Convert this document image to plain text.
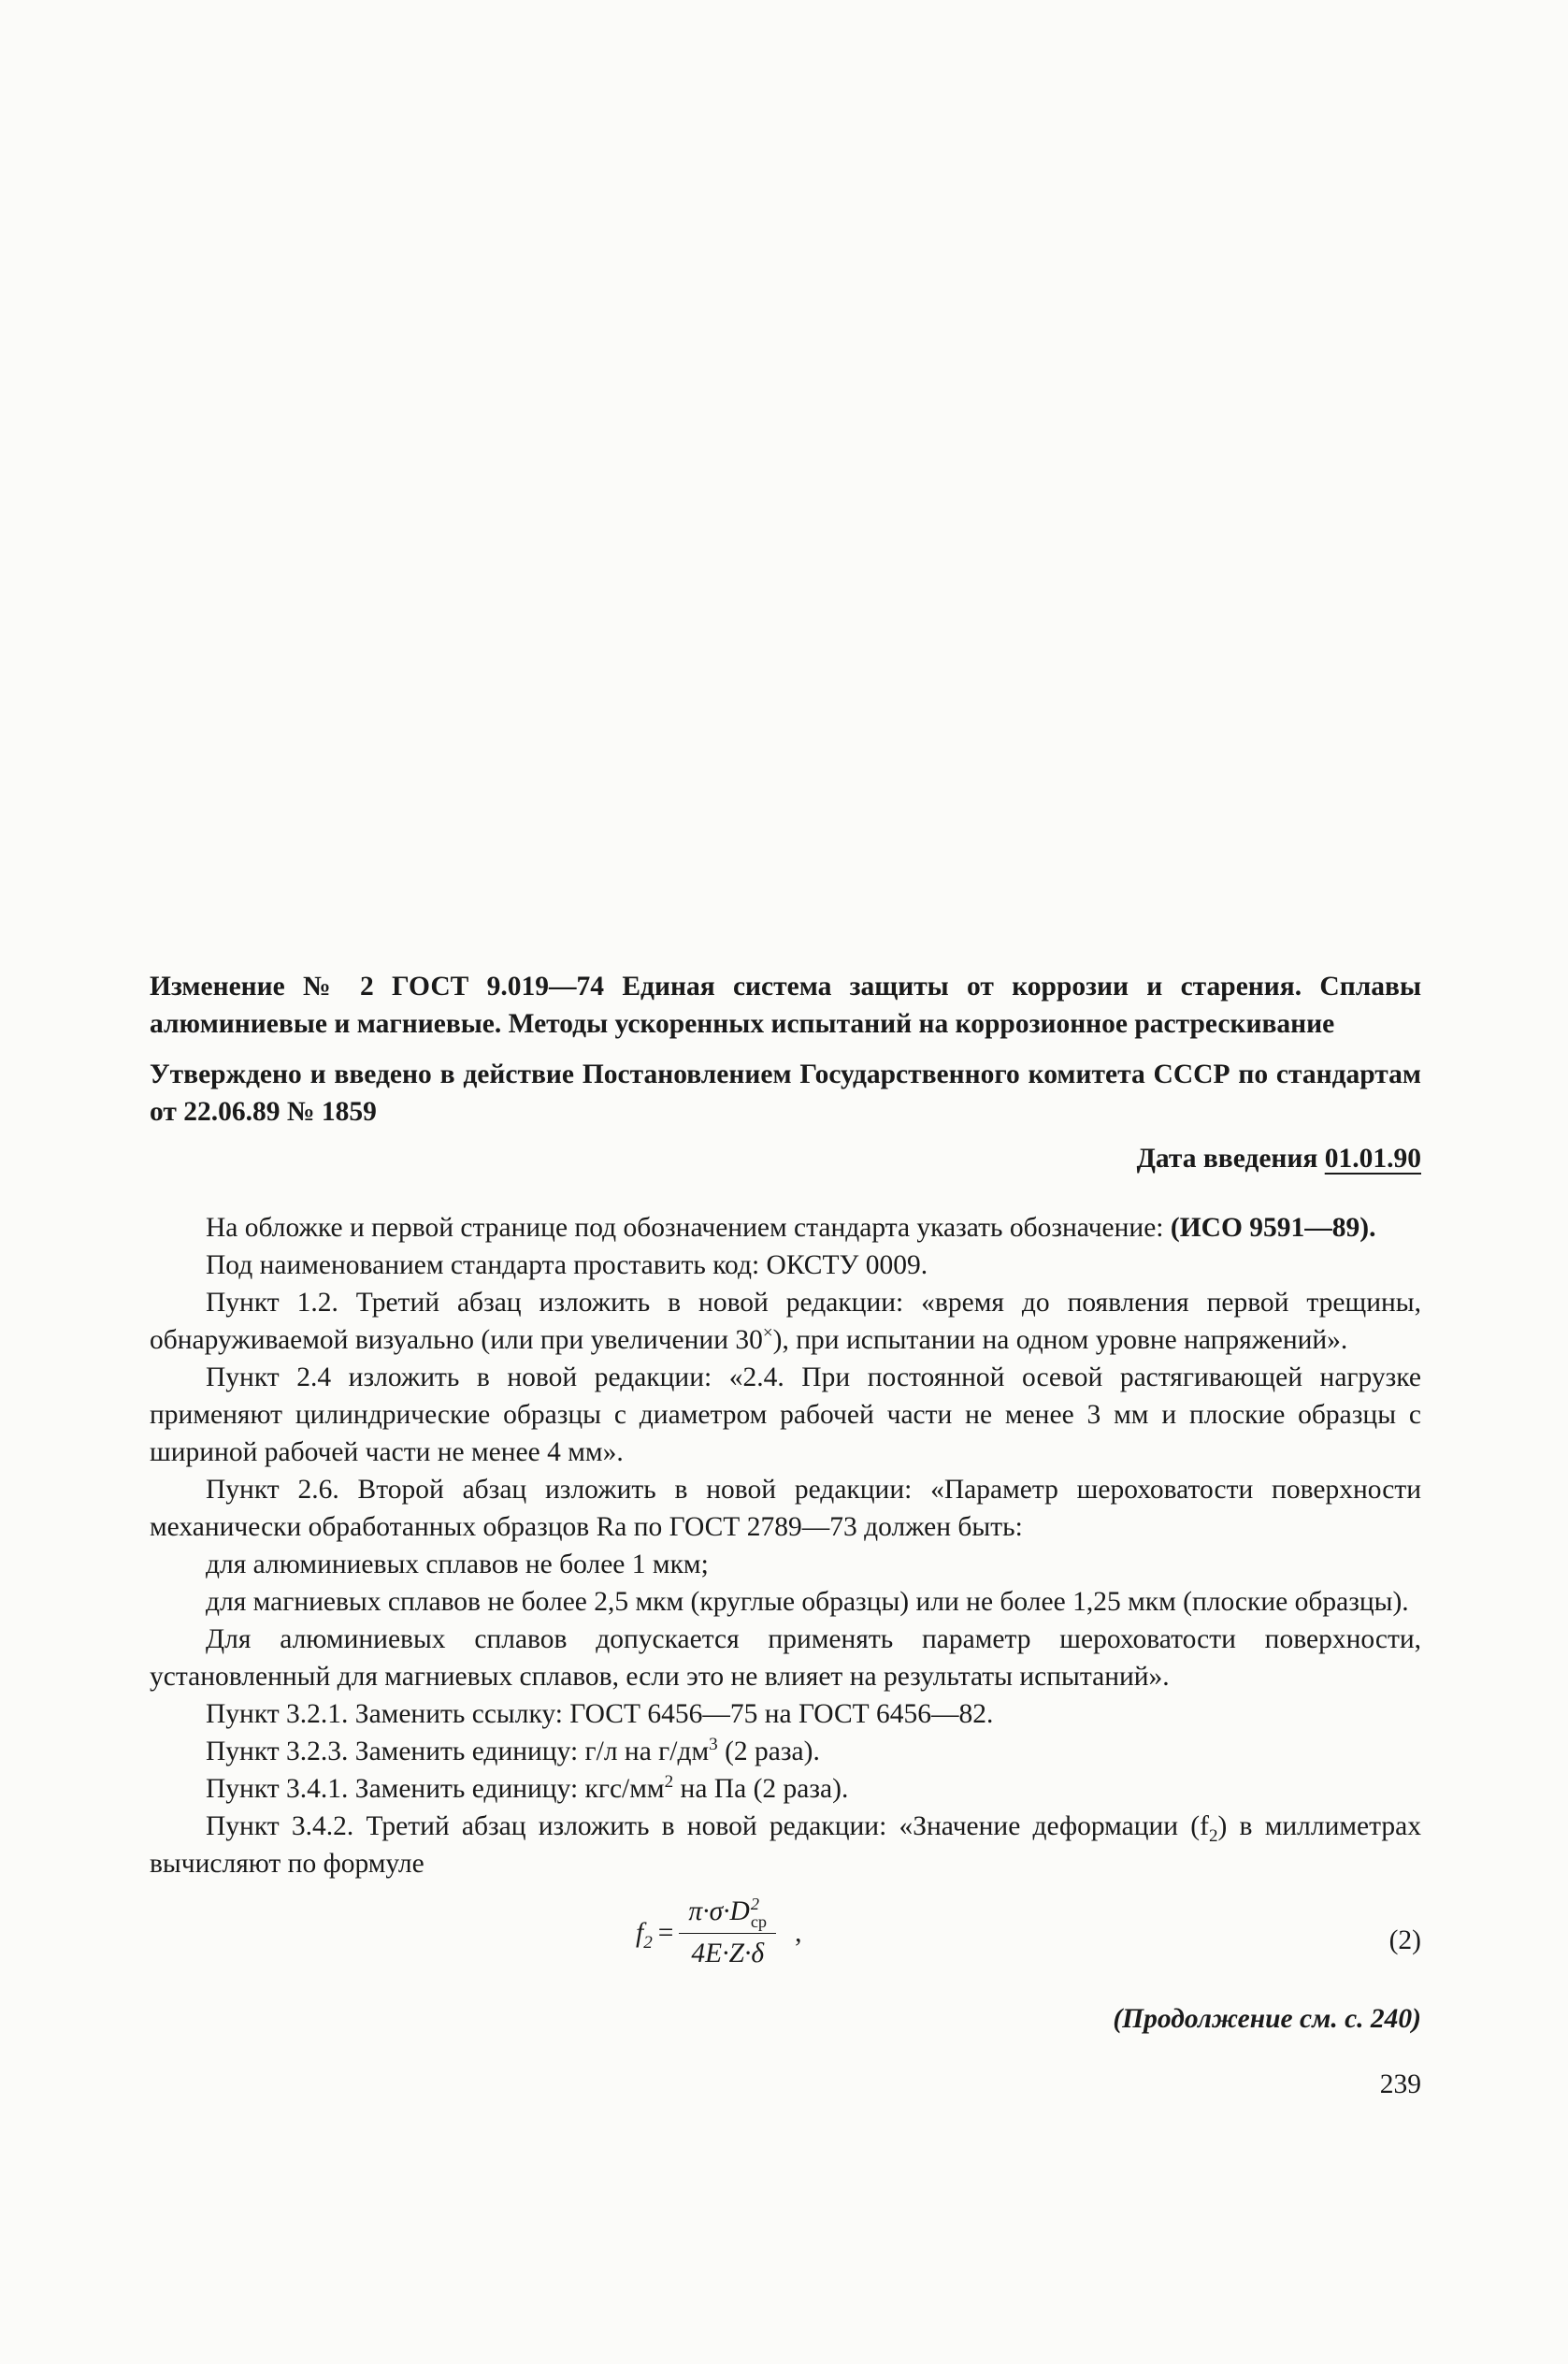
Изменение № 2 ГОСТ 9.019—74 Единая система защиты от коррозии и старения. Сплавы алюминиевые и магниевые. Методы ускоренных испытаний на коррозионное растрескивание

Утверждено и введено в действие Постановлением Государственного комитета СССР по стандартам от 22.06.89 № 1859

Дата введения 01.01.90

На обложке и первой странице под обозначением стандарта указать обозначение: (ИСО 9591—89).

Под наименованием стандарта проставить код: ОКСТУ 0009.

Пункт 1.2. Третий абзац изложить в новой редакции: «время до появления первой трещины, обнаруживаемой визуально (или при увеличении 30×), при испытании на одном уровне напряжений».

Пункт 2.4 изложить в новой редакции: «2.4. При постоянной осевой растягивающей нагрузке применяют цилиндрические образцы с диаметром рабочей части не менее 3 мм и плоские образцы с шириной рабочей части не менее 4 мм».

Пункт 2.6. Второй абзац изложить в новой редакции: «Параметр шероховатости поверхности механически обработанных образцов Ra по ГОСТ 2789—73 должен быть:

для алюминиевых сплавов не более 1 мкм;

для магниевых сплавов не более 2,5 мкм (круглые образцы) или не более 1,25 мкм (плоские образцы).

Для алюминиевых сплавов допускается применять параметр шероховатости поверхности, установленный для магниевых сплавов, если это не влияет на результаты испытаний».

Пункт 3.2.1. Заменить ссылку: ГОСТ 6456—75 на ГОСТ 6456—82.

Пункт 3.2.3. Заменить единицу: г/л на $г/дм^3$ (2 раза).

Пункт 3.4.1. Заменить единицу: кгс/$мм^2$ на Па (2 раза).

Пункт 3.4.2. Третий абзац изложить в новой редакции: «Значение деформации $(f_2)$ в миллиметрах вычисляют по формуле

$f_2 = \pi\cdot\sigma\cdot D$ 2
ср
4E·Z·δ ,	(2)

(Продолжение см. с. 240)

239
